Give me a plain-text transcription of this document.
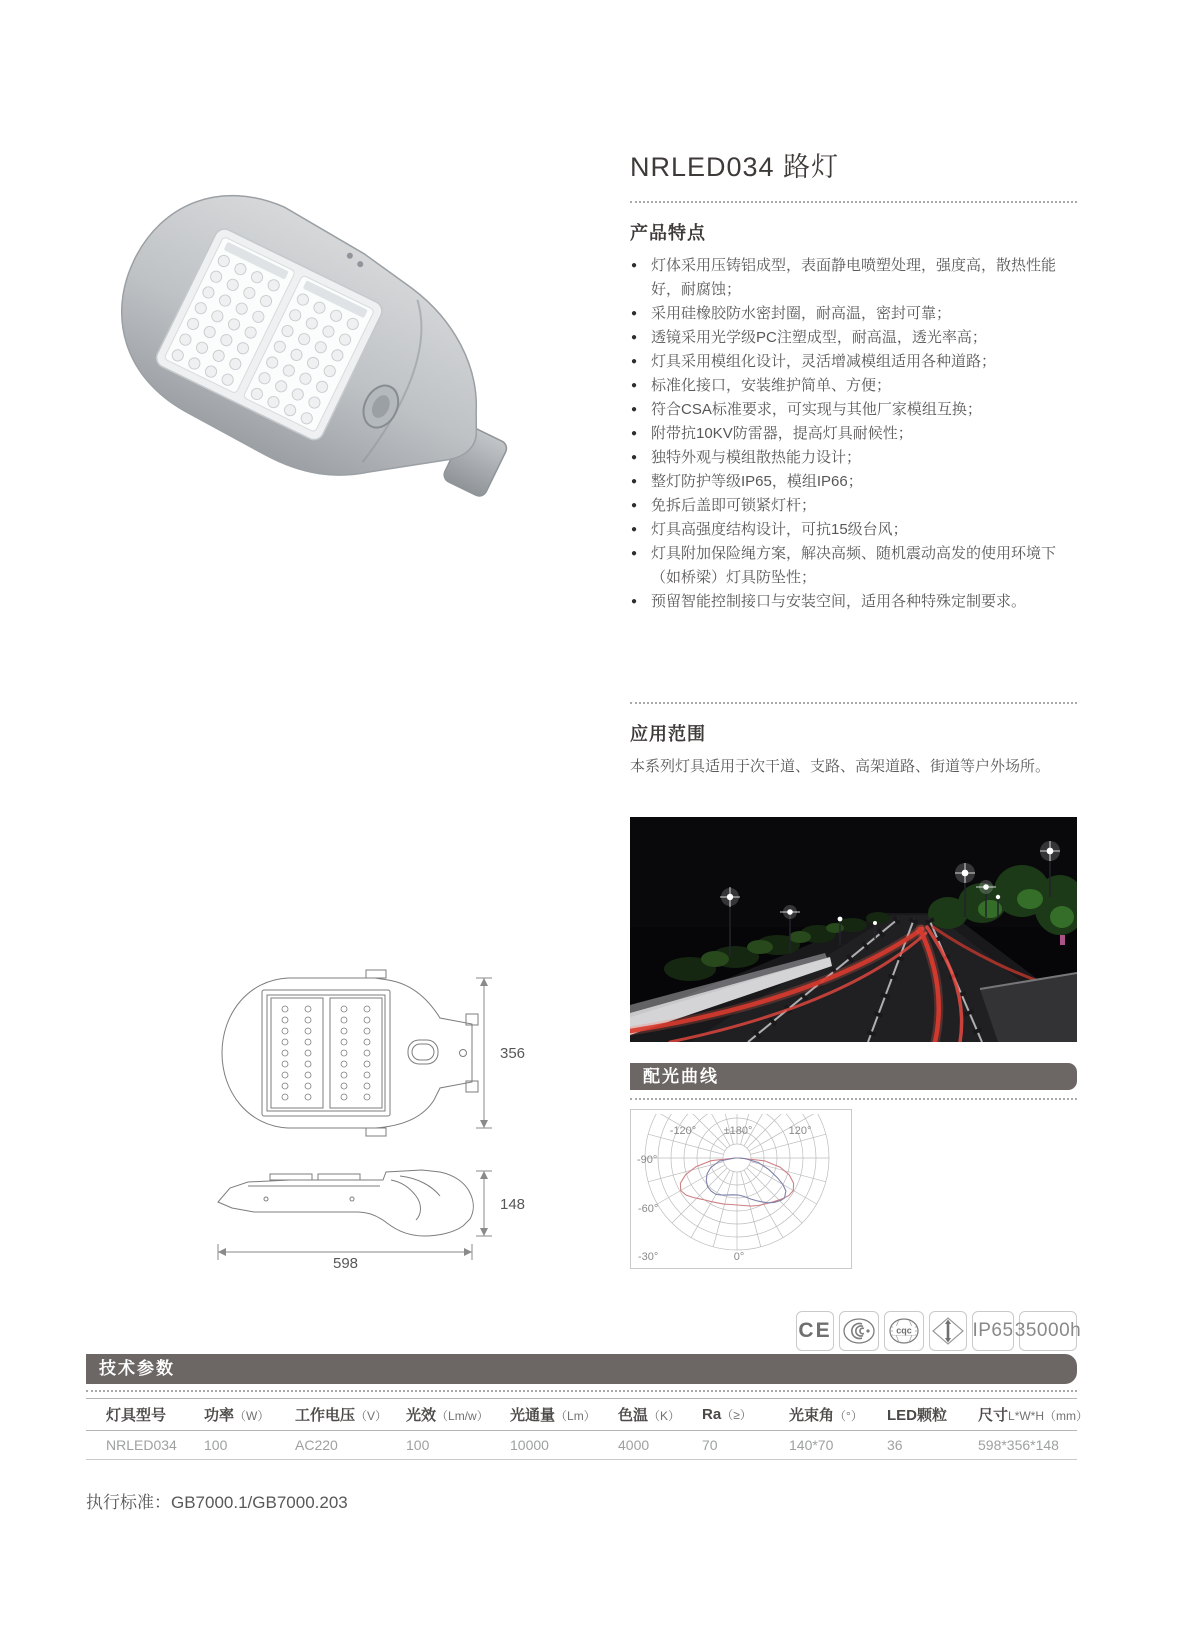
NRLED034 路灯
产品特点
● 灯体采用压铸铝成型，表面静电喷塑处理，强度高，散热性能好，耐腐蚀；
● 采用硅橡胶防水密封圈，耐高温，密封可靠；
● 透镜采用光学级PC注塑成型，耐高温，透光率高；
● 灯具采用模组化设计，灵活增减模组适用各种道路；
● 标准化接口，安装维护简单、方便；
● 符合CSA标准要求，可实现与其他厂家模组互换；
● 附带抗10KV防雷器，提高灯具耐候性；
● 独特外观与模组散热能力设计；
● 整灯防护等级IP65，模组IP66；
● 免拆后盖即可锁紧灯杆；
● 灯具高强度结构设计，可抗15级台风；
● 灯具附加保险绳方案，解决高频、随机震动高发的使用环境下（如桥梁）灯具防坠性；
● 预留智能控制接口与安装空间，适用各种特殊定制要求。
应用范围

本系列灯具适用于次干道、支路、高架道路、街道等户外场所。

配光曲线
-120° ±180°	120°
-90°
-60°
-30°	0°
356
148
598
CE	cqc	IP65 35000h
技术参数
灯具型号	功率（W）	工作电压（V）	光效（Lm/w）	光通量（Lm）	色温（K）	Ra（≥）	光束角（°）	LED颗粒	尺寸L*W*H（mm）
NRLED034	100	AC220	100	10000	4000	70	140*70	36	598*356*148
执行标准：GB7000.1/GB7000.203
